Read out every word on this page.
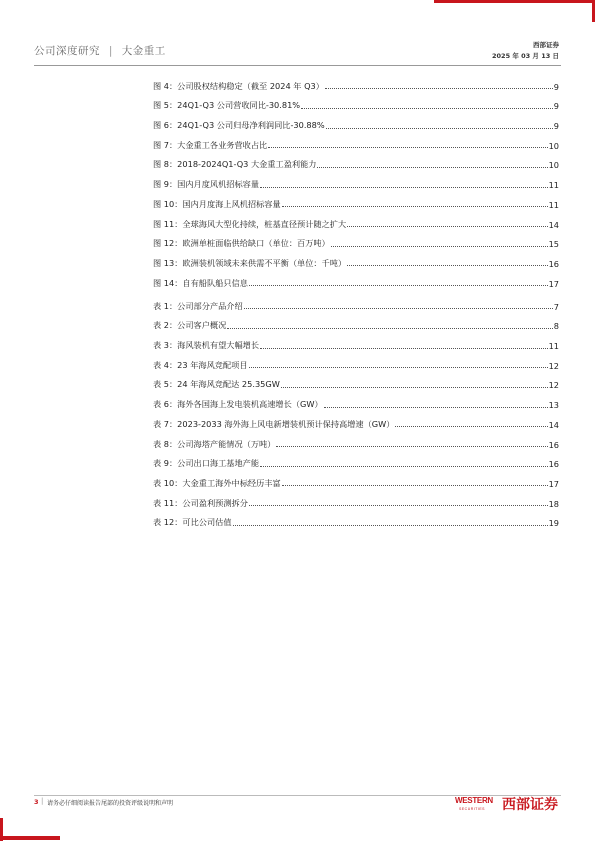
公司深度研究 | 大金重工	西部证券
2025 年 03 月 13 日
图 4：公司股权结构稳定（截至 2024 年 Q3）	9
图 5：24Q1-Q3 公司营收同比-30.81%	9
图 6：24Q1-Q3 公司归母净利润同比-30.88%	9
图 7：大金重工各业务营收占比	10
图 8：2018-2024Q1-Q3 大金重工盈利能力	10
图 9：国内月度风机招标容量	11
图 10：国内月度海上风机招标容量	11
图 11：全球海风大型化持续，桩基直径预计随之扩大	14
图 12：欧洲单桩面临供给缺口（单位：百万吨）	15
图 13：欧洲装机领域未来供需不平衡（单位：千吨）	16
图 14：自有船队船只信息	17
表 1：公司部分产品介绍	7
表 2：公司客户概况	8
表 3：海风装机有望大幅增长	11
表 4：23 年海风竞配项目	12
表 5：24 年海风竞配达 25.35GW	12
表 6：海外各国海上发电装机高速增长（GW）	13
表 7：2023-2033 海外海上风电新增装机预计保持高增速（GW）	14
表 8：公司海塔产能情况（万吨）	16
表 9：公司出口海工基地产能	16
表 10：大金重工海外中标经历丰富	17
表 11：公司盈利预测拆分	18
表 12：可比公司估值	19
3 | 请务必仔细阅读报告尾部的投资评级说明和声明	WESTERN
SECURITIES 西部证券
